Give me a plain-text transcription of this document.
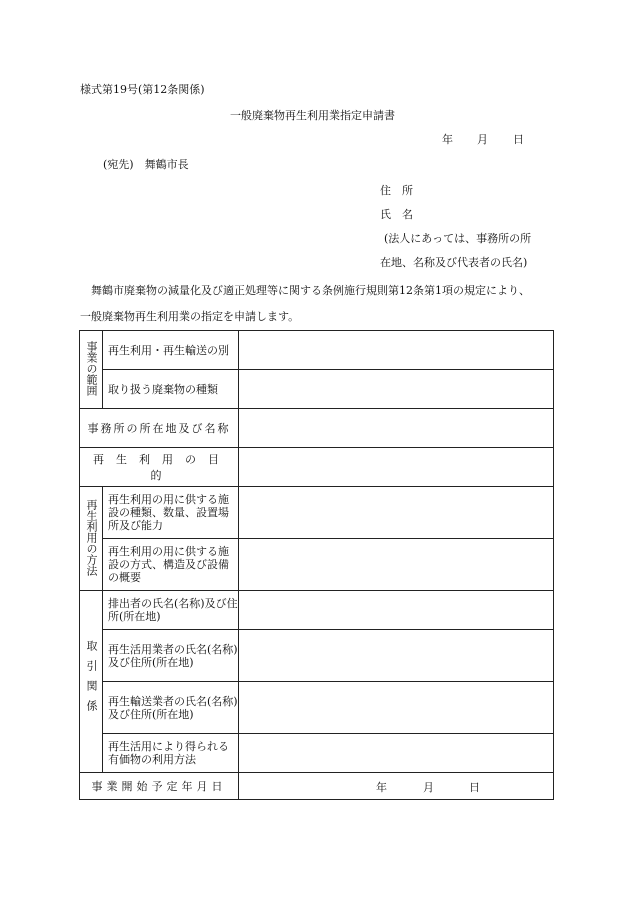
様式第19号(第12条関係)
一般廃棄物再生利用業指定申請書
年 月 日
(宛先)　舞鶴市長
住　所
氏　名
(法人にあっては、事務所の所
在地、名称及び代表者の氏名)
舞鶴市廃棄物の減量化及び適正処理等に関する条例施行規則第12条第1項の規定により、
一般廃棄物再生利用業の指定を申請します。
事業の範囲	再生利用・再生輸送の別	
	取り扱う廃棄物の種類	
事務所の所在地及び名称		
再生利用の目的		
再生利用の方法	再生利用の用に供する施設の種類、数量、設置場所及び能力	
	再生利用の用に供する施設の方式、構造及び設備の概要	
取引関係	排出者の氏名(名称)及び住所(所在地)	
	再生活用業者の氏名(名称)及び住所(所在地)	
	再生輸送業者の氏名(名称)及び住所(所在地)	
	再生活用により得られる有価物の利用方法	
事業開始予定年月日		年 月 日
